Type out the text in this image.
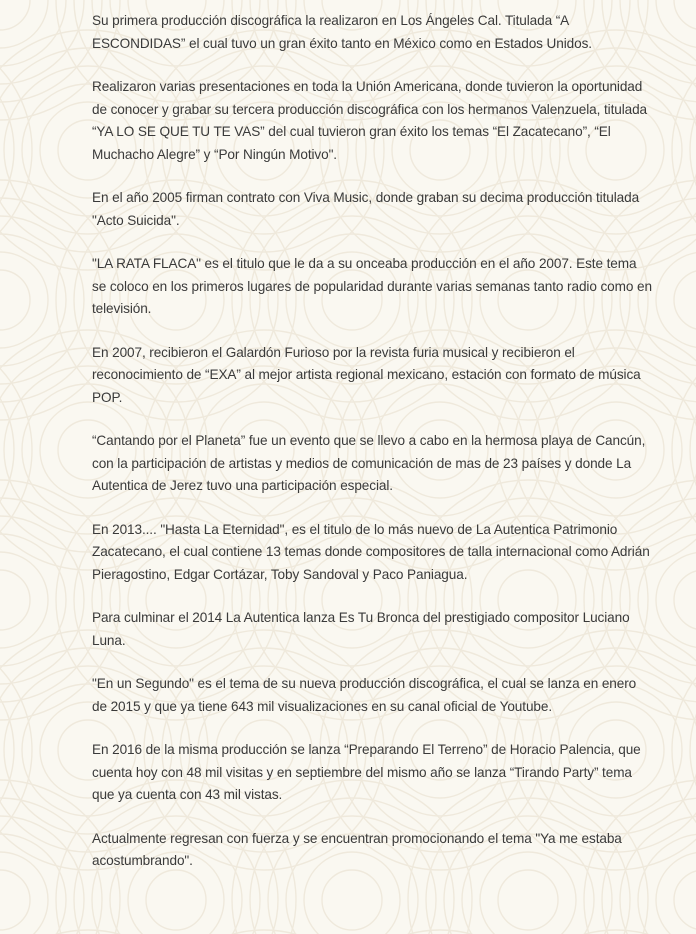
Su primera producción discográfica la realizaron en Los Ángeles Cal. Titulada “A ESCONDIDAS” el cual tuvo un gran éxito tanto en México como en Estados Unidos.

Realizaron varias presentaciones en toda la Unión Americana, donde tuvieron la oportunidad de conocer y grabar su tercera producción discográfica con los hermanos Valenzuela, titulada “YA LO SE QUE TU TE VAS” del cual tuvieron gran éxito los temas “El Zacatecano”, “El Muchacho Alegre” y “Por Ningún Motivo".

En el año 2005 firman contrato con Viva Music, donde graban su decima producción titulada "Acto Suicida".

"LA RATA FLACA" es el titulo que le da a su onceaba producción en el año 2007. Este tema se coloco en los primeros lugares de popularidad durante varias semanas tanto radio como en televisión.

En 2007, recibieron el Galardón Furioso por la revista furia musical y recibieron el reconocimiento de “EXA” al mejor artista regional mexicano, estación con formato de música POP.

“Cantando por el Planeta” fue un evento que se llevo a cabo en la hermosa playa de Cancún, con la participación de artistas y medios de comunicación de mas de 23 países y donde La Autentica de Jerez tuvo una participación especial.

En 2013.... "Hasta La Eternidad", es el titulo de lo más nuevo de La Autentica Patrimonio Zacatecano, el cual contiene 13 temas donde compositores de talla internacional como Adrián Pieragostino, Edgar Cortázar, Toby Sandoval y Paco Paniagua.

Para culminar el 2014 La Autentica lanza Es Tu Bronca del prestigiado compositor Luciano Luna.

"En un Segundo" es el tema de su nueva producción discográfica, el cual se lanza en enero de 2015 y que ya tiene 643 mil visualizaciones en su canal oficial de Youtube.

En 2016 de la misma producción se lanza “Preparando El Terreno” de Horacio Palencia, que cuenta hoy con 48 mil visitas y en septiembre del mismo año se lanza “Tirando Party” tema que ya cuenta con 43 mil vistas.

Actualmente regresan con fuerza y se encuentran promocionando el tema "Ya me estaba acostumbrando".
